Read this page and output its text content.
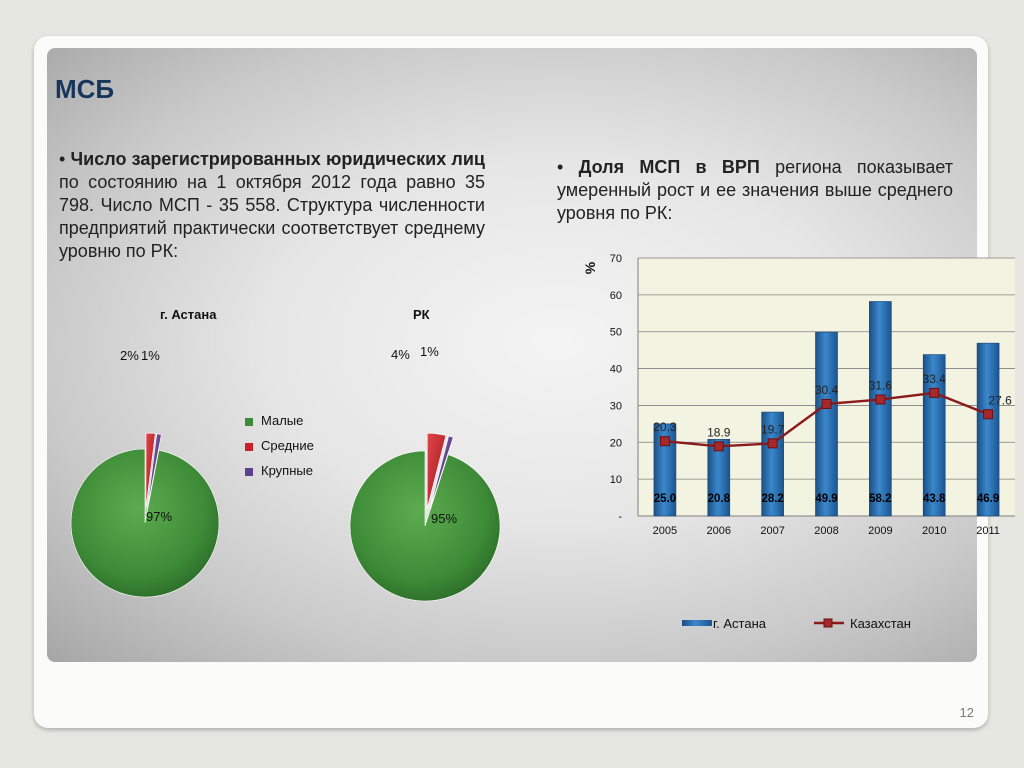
МСБ
• Число зарегистрированных юридических лиц по состоянию на 1 октября 2012 года равно 35 798. Число МСП - 35 558. Структура численности предприятий практически соответствует среднему уровню по РК:
• Доля МСП в ВРП региона показывает умеренный рост и ее значения выше среднего уровня по РК:
г. Астана	РК
2% 1%
97%
4% 1%
95%
Малые
Средние
Крупные
25.0	20.8	28.2	49.9	58.2	43.8	46.9
20.3	18.9	19.7
30.4	31.6	33.4
27.6
-
10
20
30
40
50
60
70
2005	2006	2007	2008	2009	2010	2011
%
г. Астана	Казахстан
12
